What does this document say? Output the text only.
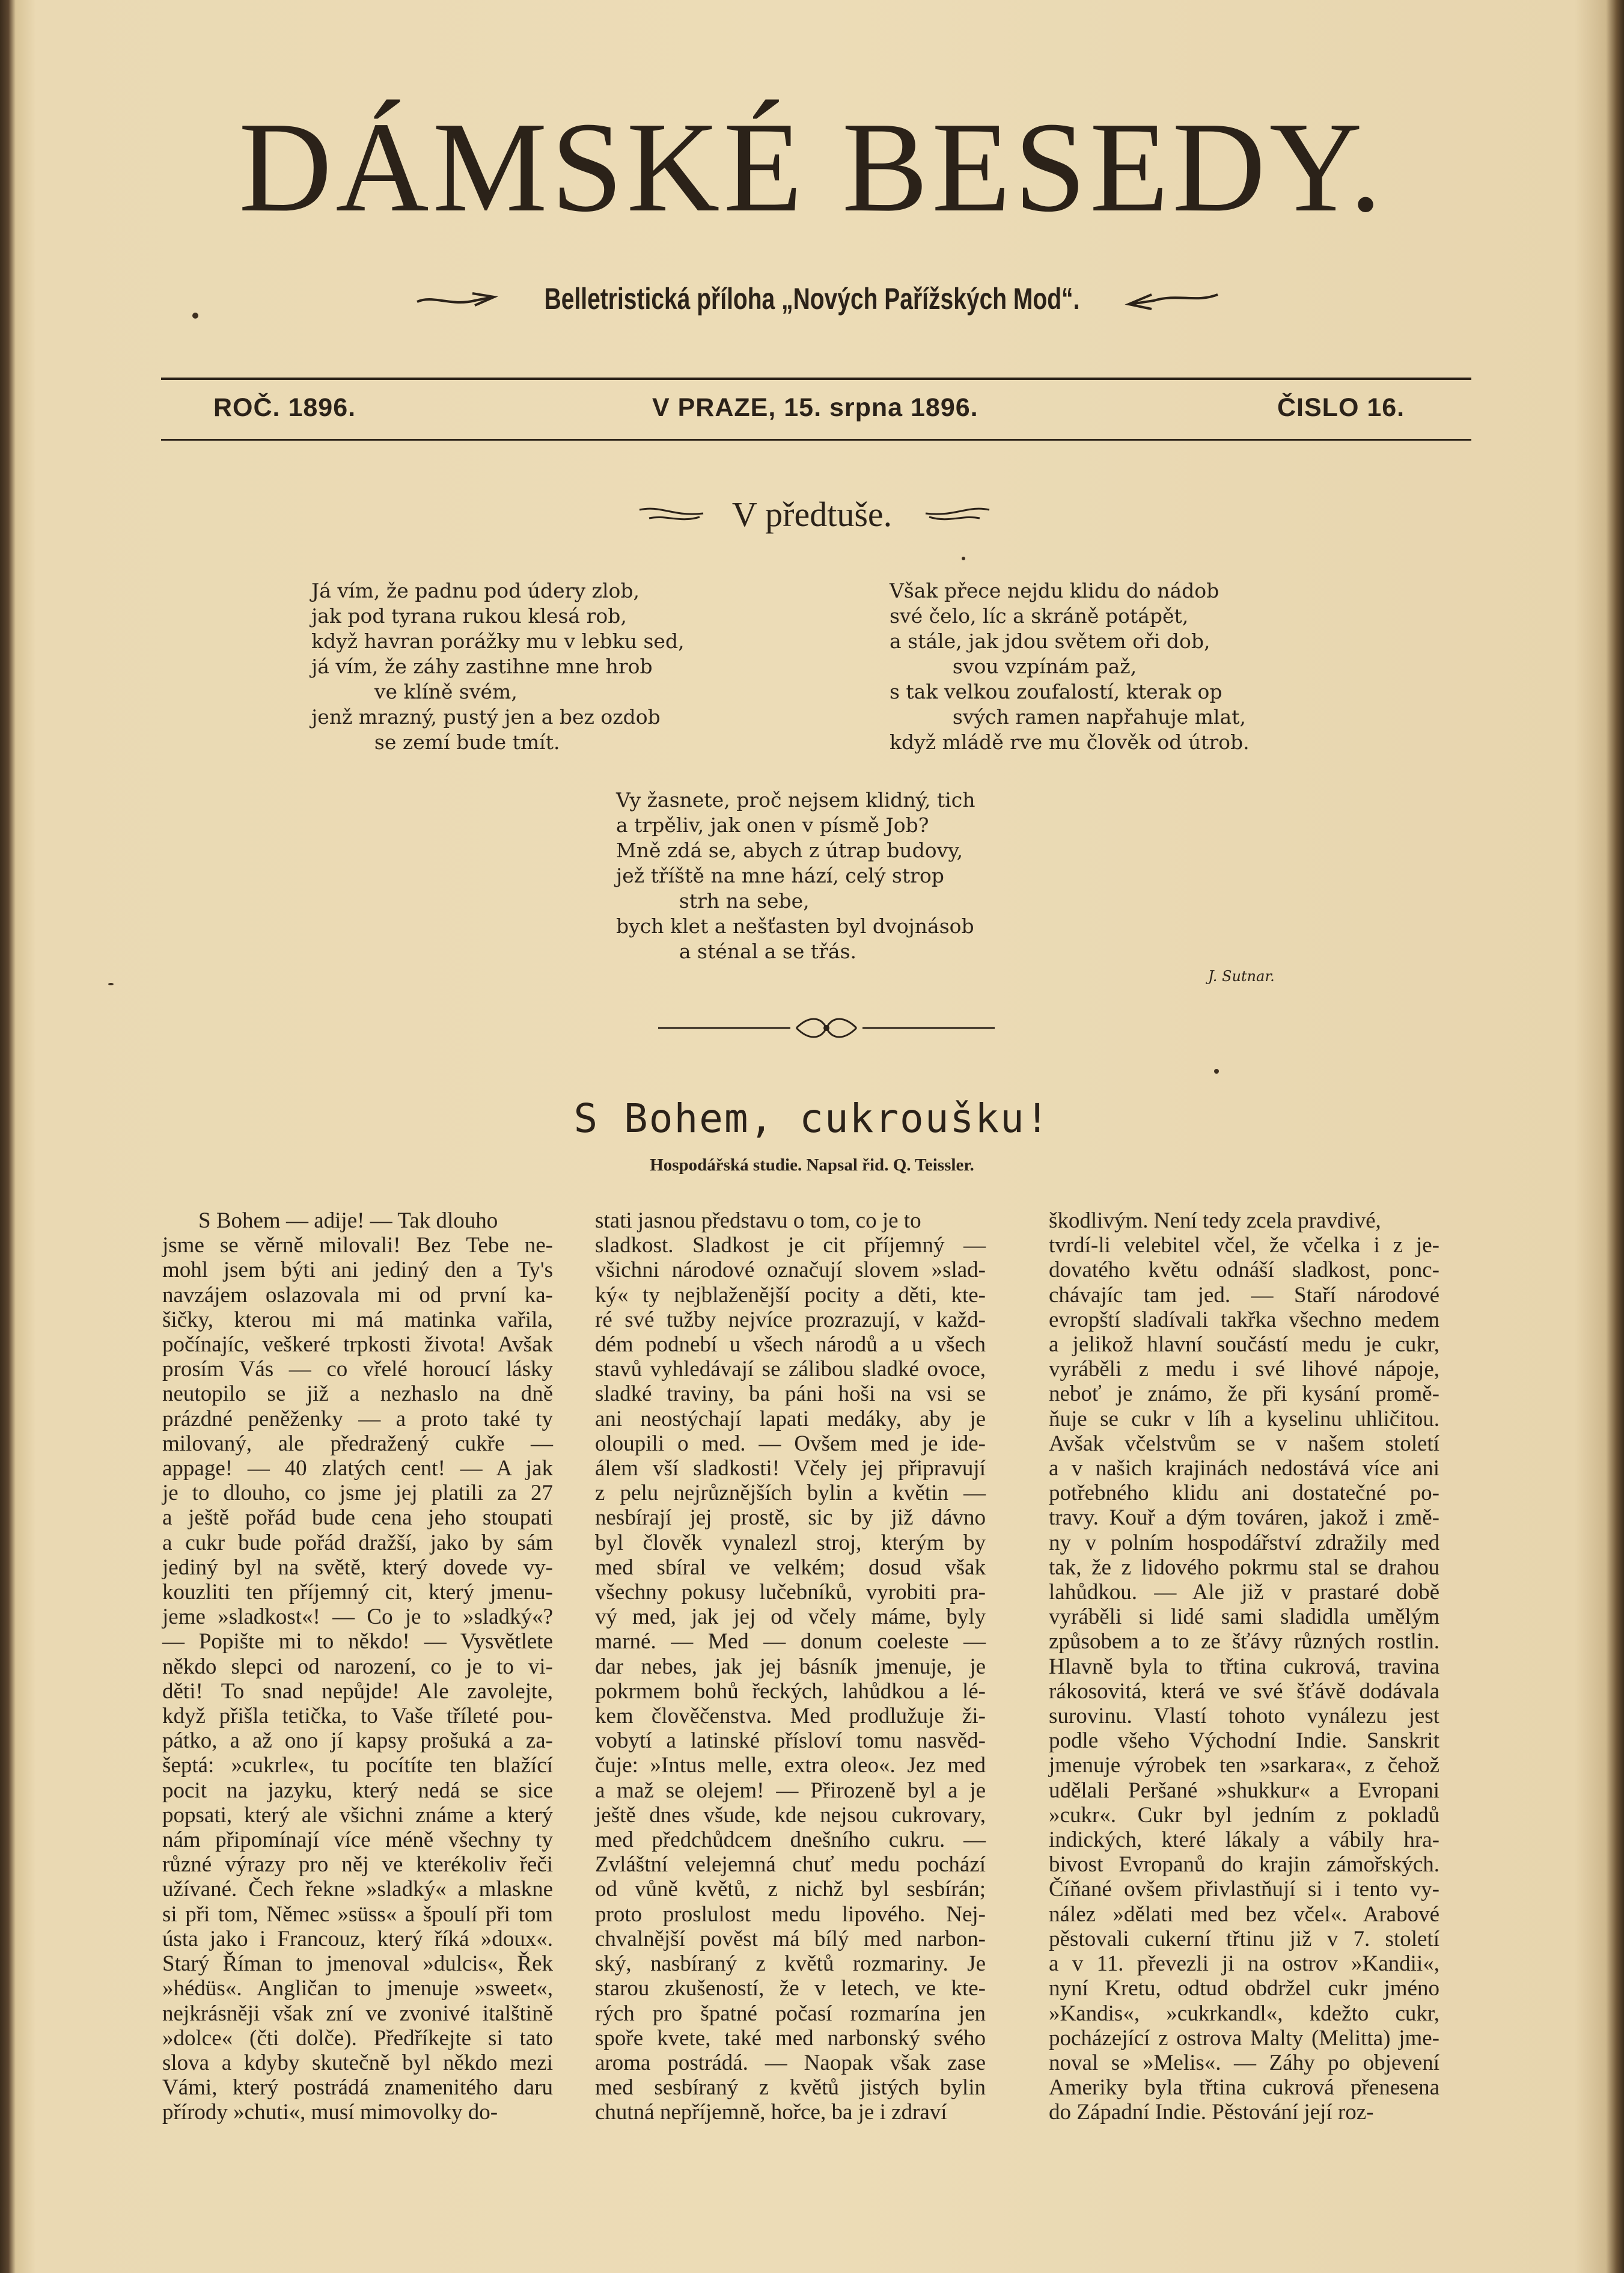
DÁMSKÉ BESEDY.
Belletristická příloha „Nových Pařížských Mod“.
ROČ. 1896.	V PRAZE, 15. srpna 1896.	ČISLO 16.
V předtuše.
Já vím, že padnu pod údery zlob,
jak pod tyrana rukou klesá rob,
když havran porážky mu v lebku sed,
já vím, že záhy zastihne mne hrob
ve klíně svém,
jenž mrazný, pustý jen a bez ozdob
se zemí bude tmít.
Však přece nejdu klidu do nádob
své čelo, líc a skráně potápět,
a stále, jak jdou světem oři dob,
svou vzpínám paž,
s tak velkou zoufalostí, kterak op
svých ramen napřahuje mlat,
když mládě rve mu člověk od útrob.
Vy žasnete, proč nejsem klidný, tich
a trpěliv, jak onen v písmě Job?
Mně zdá se, abych z útrap budovy,
jež tříště na mne hází, celý strop
strh na sebe,
bych klet a nešťasten byl dvojnásob
a sténal a se třás.
J. Sutnar.
S Bohem, cukroušku!
Hospodářská studie. Napsal řid. Q. Teissler.

S Bohem — adije! — Tak dlouho

jsme se věrně milovali! Bez Tebe ne-

mohl jsem býti ani jediný den a Ty's

navzájem oslazovala mi od první ka-

šičky, kterou mi má matinka vařila,

počínajíc, veškeré trpkosti života! Avšak

prosím Vás — co vřelé horoucí lásky

neutopilo se již a nezhaslo na dně

prázdné peněženky — a proto také ty

milovaný, ale předražený cukře —

appage! — 40 zlatých cent! — A jak

je to dlouho, co jsme jej platili za 27

a ještě pořád bude cena jeho stoupati

a cukr bude pořád dražší, jako by sám

jediný byl na světě, který dovede vy-

kouzliti ten příjemný cit, který jmenu-

jeme »sladkost«! — Co je to »sladký«?

— Popište mi to někdo! — Vysvětlete

někdo slepci od narození, co je to vi-

děti! To snad nepůjde! Ale zavolejte,

když přišla tetička, to Vaše tříleté pou-

pátko, a až ono jí kapsy prošuká a za-

šeptá: »cukrle«, tu pocítíte ten blažící

pocit na jazyku, který nedá se sice

popsati, který ale všichni známe a který

nám připomínají více méně všechny ty

různé výrazy pro něj ve kterékoliv řeči

užívané. Čech řekne »sladký« a mlaskne

si při tom, Němec »süss« a špoulí při tom

ústa jako i Francouz, který říká »doux«.

Starý Říman to jmenoval »dulcis«, Řek

»hédüs«. Angličan to jmenuje »sweet«,

nejkrásněji však zní ve zvonivé italštině

»dolce« (čti dolče). Předříkejte si tato

slova a kdyby skutečně byl někdo mezi

Vámi, který postrádá znamenitého daru

přírody »chuti«, musí mimovolky do-

stati jasnou představu o tom, co je to

sladkost. Sladkost je cit příjemný —

všichni národové označují slovem »slad-

ký« ty nejblaženější pocity a děti, kte-

ré své tužby nejvíce prozrazují, v každ-

dém podnebí u všech národů a u všech

stavů vyhledávají se zálibou sladké ovoce,

sladké traviny, ba páni hoši na vsi se

ani neostýchají lapati medáky, aby je

oloupili o med. — Ovšem med je ide-

álem vší sladkosti! Včely jej připravují

z pelu nejrůznějších bylin a květin —

nesbírají jej prostě, sic by již dávno

byl člověk vynalezl stroj, kterým by

med sbíral ve velkém; dosud však

všechny pokusy lučebníků, vyrobiti pra-

vý med, jak jej od včely máme, byly

marné. — Med — donum coeleste —

dar nebes, jak jej básník jmenuje, je

pokrmem bohů řeckých, lahůdkou a lé-

kem člověčenstva. Med prodlužuje ži-

vobytí a latinské přísloví tomu nasvěd-

čuje: »Intus melle, extra oleo«. Jez med

a maž se olejem! — Přirozeně byl a je

ještě dnes všude, kde nejsou cukrovary,

med předchůdcem dnešního cukru. —

Zvláštní velejemná chuť medu pochází

od vůně květů, z nichž byl sesbírán;

proto proslulost medu lipového. Nej-

chvalnější pověst má bílý med narbon-

ský, nasbíraný z květů rozmariny. Je

starou zkušeností, že v letech, ve kte-

rých pro špatné počasí rozmarína jen

spoře kvete, také med narbonský svého

aroma postrádá. — Naopak však zase

med sesbíraný z květů jistých bylin

chutná nepříjemně, hořce, ba je i zdraví

škodlivým. Není tedy zcela pravdivé,

tvrdí-li velebitel včel, že včelka i z je-

dovatého květu odnáší sladkost, ponc-

chávajíc tam jed. — Staří národové

evropští sladívali takřka všechno medem

a jelikož hlavní součástí medu je cukr,

vyráběli z medu i své lihové nápoje,

neboť je známo, že při kysání promě-

ňuje se cukr v líh a kyselinu uhličitou.

Avšak včelstvům se v našem století

a v našich krajinách nedostává více ani

potřebného klidu ani dostatečné po-

travy. Kouř a dým továren, jakož i změ-

ny v polním hospodářství zdražily med

tak, že z lidového pokrmu stal se drahou

lahůdkou. — Ale již v prastaré době

vyráběli si lidé sami sladidla umělým

způsobem a to ze šťávy různých rostlin.

Hlavně byla to třtina cukrová, travina

rákosovitá, která ve své šťávě dodávala

surovinu. Vlastí tohoto vynálezu jest

podle všeho Východní Indie. Sanskrit

jmenuje výrobek ten »sarkara«, z čehož

udělali Peršané »shukkur« a Evropani

»cukr«. Cukr byl jedním z pokladů

indických, které lákaly a vábily hra-

bivost Evropanů do krajin zámořských.

Číňané ovšem přivlastňují si i tento vy-

nález »dělati med bez včel«. Arabové

pěstovali cukerní třtinu již v 7. století

a v 11. převezli ji na ostrov »Kandii«,

nyní Kretu, odtud obdržel cukr jméno

»Kandis«, »cukrkandl«, kdežto cukr,

pocházející z ostrova Malty (Melitta) jme-

noval se »Melis«. — Záhy po objevení

Ameriky byla třtina cukrová přenesena

do Západní Indie. Pěstování její roz-
